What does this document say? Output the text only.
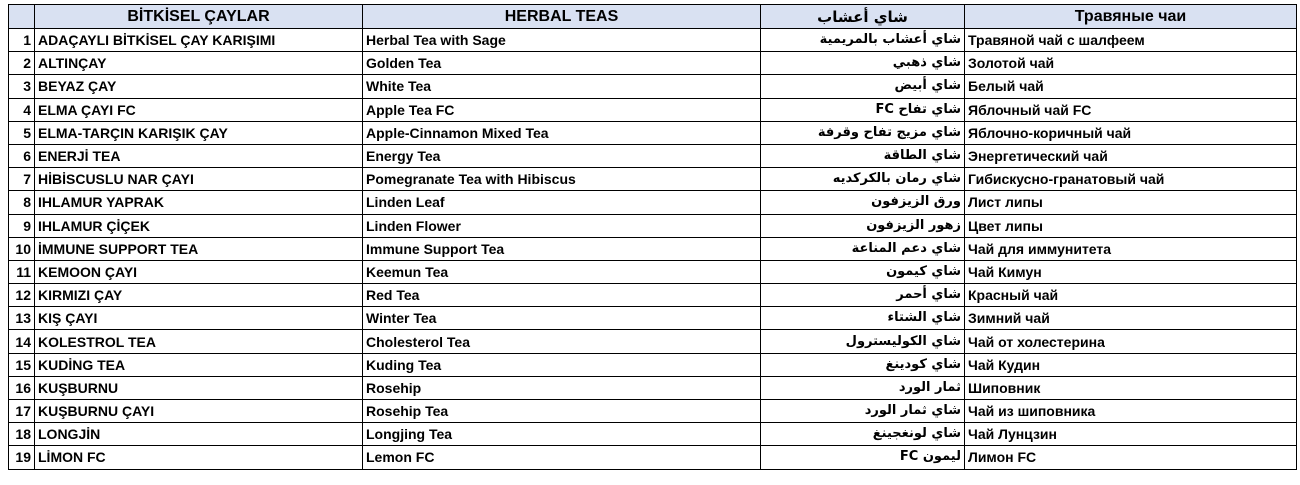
	BİTKİSEL ÇAYLAR	HERBAL TEAS	شاي أعشاب	Травяные чаи
1	ADAÇAYLI BİTKİSEL ÇAY KARIŞIMI	Herbal Tea with Sage	شاي أعشاب بالمريمية	Травяной чай с шалфеем
2	ALTINÇAY	Golden Tea	شاي ذهبي	Золотой чай
3	BEYAZ ÇAY	White Tea	شاي أبيض	Белый чай
4	ELMA ÇAYI FC	Apple Tea FC	شاي تفاح FC	Яблочный чай FC
5	ELMA-TARÇIN KARIŞIK ÇAY	Apple-Cinnamon Mixed Tea	شاي مزيج تفاح وقرفة	Яблочно-коричный чай
6	ENERJİ TEA	Energy Tea	شاي الطاقة	Энергетический чай
7	HİBİSCUSLU NAR ÇAYI	Pomegranate Tea with Hibiscus	شاي رمان بالكركديه	Гибискусно-гранатовый чай
8	IHLAMUR YAPRAK	Linden Leaf	ورق الزيزفون	Лист липы
9	IHLAMUR ÇİÇEK	Linden Flower	زهور الزيزفون	Цвет липы
10	İMMUNE SUPPORT TEA	Immune Support Tea	شاي دعم المناعة	Чай для иммунитета
11	KEMOON ÇAYI	Keemun Tea	شاي كيمون	Чай Кимун
12	KIRMIZI ÇAY	Red Tea	شاي أحمر	Красный чай
13	KIŞ ÇAYI	Winter Tea	شاي الشتاء	Зимний чай
14	KOLESTROL TEA	Cholesterol Tea	شاي الكوليسترول	Чай от холестерина
15	KUDİNG TEA	Kuding Tea	شاي كودينغ	Чай Кудин
16	KUŞBURNU	Rosehip	ثمار الورد	Шиповник
17	KUŞBURNU ÇAYI	Rosehip Tea	شاي ثمار الورد	Чай из шиповника
18	LONGJİN	Longjing Tea	شاي لونغجينغ	Чай Лунцзин
19	LİMON FC	Lemon FC	ليمون FC	Лимон FC
